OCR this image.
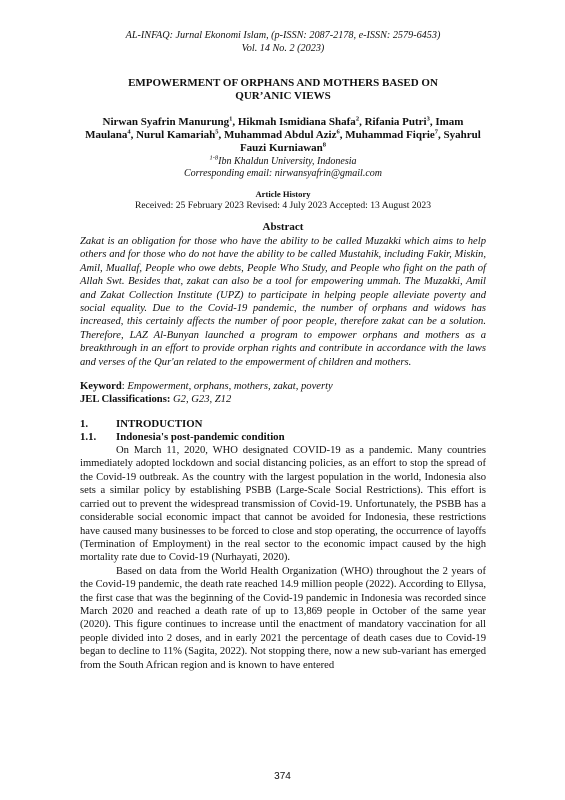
AL-INFAQ: Jurnal Ekonomi Islam, (p-ISSN: 2087-2178, e-ISSN: 2579-6453)
Vol. 14 No. 2 (2023)
EMPOWERMENT OF ORPHANS AND MOTHERS BASED ON QUR’ANIC VIEWS
Nirwan Syafrin Manurung$^1$, Hikmah Ismidiana Shafa$^2$, Rifania Putri$^3$, Imam Maulana$^4$, Nurul Kamariah$^5$, Muhammad Abdul Aziz$^6$, Muhammad Fiqrie$^7$, Syahrul Fauzi Kurniawan$^8$
$^{1-8}$Ibn Khaldun University, Indonesia
Corresponding email: nirwansyafrin@gmail.com
Article History
Received: 25 February 2023 Revised: 4 July 2023 Accepted: 13 August 2023
Abstract
Zakat is an obligation for those who have the ability to be called Muzakki which aims to help others and for those who do not have the ability to be called Mustahik, including Fakir, Miskin, Amil, Muallaf, People who owe debts, People Who Study, and People who fight on the path of Allah Swt. Besides that, zakat can also be a tool for empowering ummah. The Muzakki, Amil and Zakat Collection Institute (UPZ) to participate in helping people alleviate poverty and social equality. Due to the Covid-19 pandemic, the number of orphans and widows has increased, this certainly affects the number of poor people, therefore zakat can be a solution. Therefore, LAZ Al-Bunyan launched a program to empower orphans and mothers as a breakthrough in an effort to provide orphan rights and contribute in accordance with the laws and verses of the Qur'an related to the empowerment of children and mothers.
Keyword: Empowerment, orphans, mothers, zakat, poverty
JEL Classifications: G2, G23, Z12
1.	INTRODUCTION
1.1.	Indonesia's post-pandemic condition

On March 11, 2020, WHO designated COVID-19 as a pandemic. Many countries immediately adopted lockdown and social distancing policies, as an effort to stop the spread of the Covid-19 outbreak. As the country with the largest population in the world, Indonesia also sets a similar policy by establishing PSBB (Large-Scale Social Restrictions). This effort is carried out to prevent the widespread transmission of Covid-19. Unfortunately, the PSBB has a considerable social economic impact that cannot be avoided for Indonesia, these restrictions have caused many businesses to be forced to close and stop operating, the occurrence of layoffs (Termination of Employment) in the real sector to the economic impact caused by the high mortality rate due to Covid-19 (Nurhayati, 2020).

Based on data from the World Health Organization (WHO) throughout the 2 years of the Covid-19 pandemic, the death rate reached 14.9 million people (2022). According to Ellysa, the first case that was the beginning of the Covid-19 pandemic in Indonesia was recorded since March 2020 and reached a death rate of up to 13,869 people in October of the same year (2020). This figure continues to increase until the enactment of mandatory vaccination for all people divided into 2 doses, and in early 2021 the percentage of death cases due to Covid-19 began to decline to 11% (Sagita, 2022). Not stopping there, now a new sub-variant has emerged from the South African region and is known to have entered

374
